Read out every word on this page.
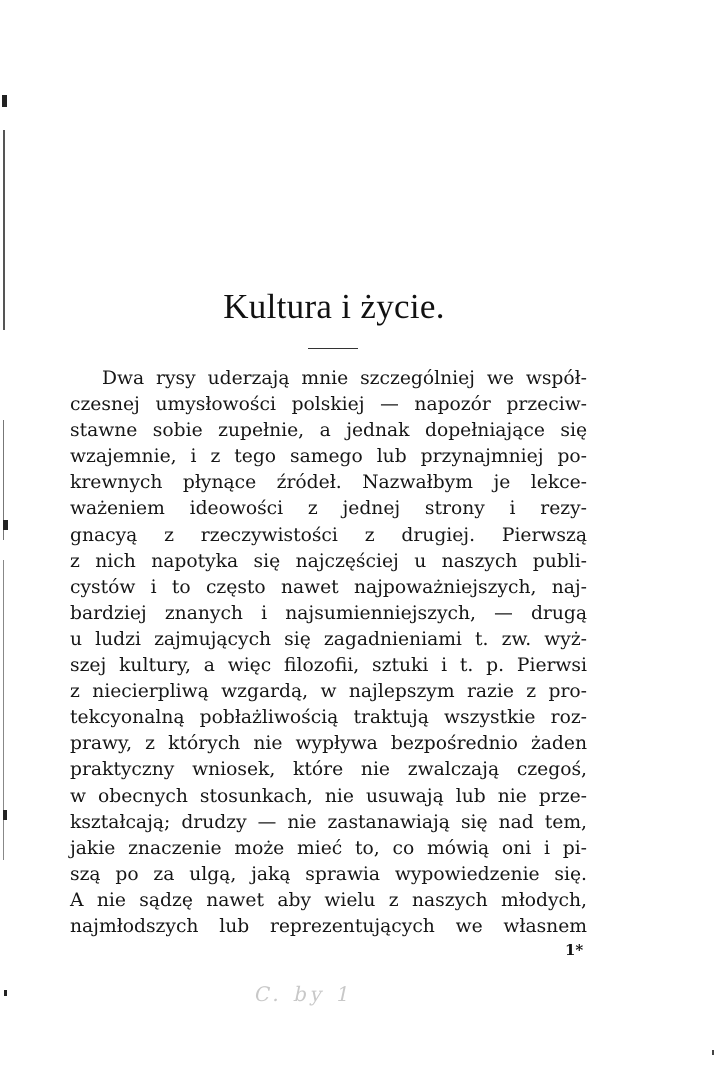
Kultura i życie.
Dwa rysy uderzają mnie szczególniej we współ-
czesnej umysłowości polskiej — napozór przeciw-
stawne sobie zupełnie, a jednak dopełniające się
wzajemnie, i z tego samego lub przynajmniej po-
krewnych płynące źródeł. Nazwałbym je lekce-
ważeniem ideowości z jednej strony i rezy-
gnacyą z rzeczywistości z drugiej. Pierwszą
z nich napotyka się najczęściej u naszych publi-
cystów i to często nawet najpoważniejszych, naj-
bardziej znanych i najsumienniejszych, — drugą
u ludzi zajmujących się zagadnieniami t. zw. wyż-
szej kultury, a więc filozofii, sztuki i t. p. Pierwsi
z niecierpliwą wzgardą, w najlepszym razie z pro-
tekcyonalną pobłażliwością traktują wszystkie roz-
prawy, z których nie wypływa bezpośrednio żaden
praktyczny wniosek, które nie zwalczają czegoś,
w obecnych stosunkach, nie usuwają lub nie prze-
kształcają; drudzy — nie zastanawiają się nad tem,
jakie znaczenie może mieć to, co mówią oni i pi-
szą po za ulgą, jaką sprawia wypowiedzenie się.
A nie sądzę nawet aby wielu z naszych młodych,
najmłodszych lub reprezentujących we własnem
1*
C. by 1
